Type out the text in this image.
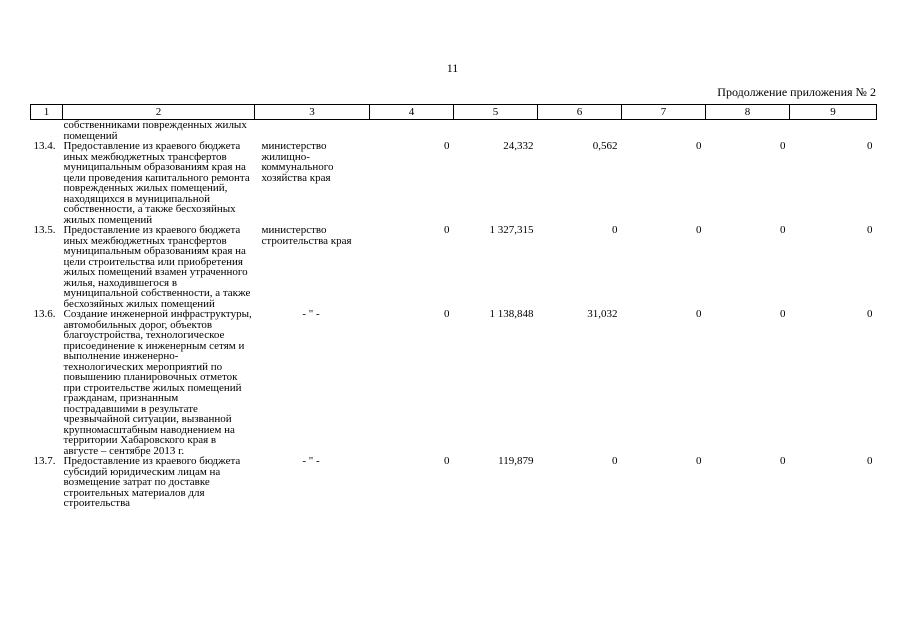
11
Продолжение приложения № 2
1	2	3	4	5	6	7	8	9
	собственниками поврежденных жилых помещений							
13.4.	Предоставление из краевого бюджета иных межбюджетных трансфертов муниципальным образованиям края на цели проведения капитального ремонта поврежденных жилых помещений, находящихся в муниципальной собственности, а также бесхозяйных жилых помещений	министерство жилищно-коммунального хозяйства края	0	24,332	0,562	0	0	0
13.5.	Предоставление из краевого бюджета иных межбюджетных трансфертов муниципальным образованиям края на цели строительства или приобретения жилых помещений взамен утраченного жилья, находившегося в муниципальной собственности, а также бесхозяйных жилых помещений	министерство строительства края	0	1 327,315	0	0	0	0
13.6.	Создание инженерной инфраструктуры, автомобильных дорог, объектов благоустройства, технологическое присоединение к инженерным сетям и выполнение инженерно-технологических мероприятий по повышению планировочных отметок при строительстве жилых помещений гражданам, признанным пострадавшими в результате чрезвычайной ситуации, вызванной крупномасштабным наводнением на территории Хабаровского края в августе – сентябре 2013 г.	- " -	0	1 138,848	31,032	0	0	0
13.7.	Предоставление из краевого бюджета субсидий юридическим лицам на возмещение затрат по доставке строительных материалов для строительства	- " -	0	119,879	0	0	0	0
